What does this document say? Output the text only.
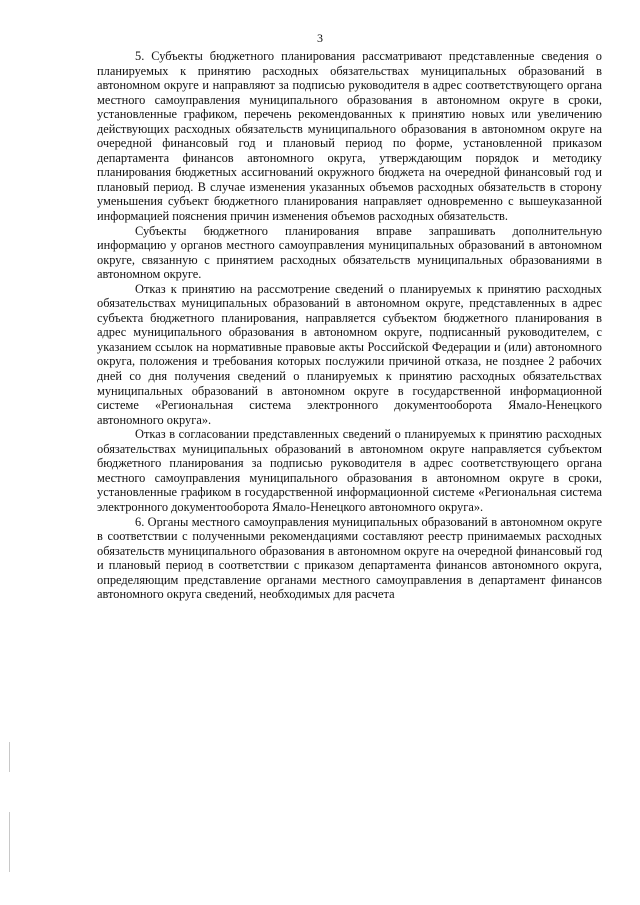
3

5. Субъекты бюджетного планирования рассматривают представленные сведения о планируемых к принятию расходных обязательствах муниципальных образований в автономном округе и направляют за подписью руководителя в адрес соответствующего органа местного самоуправления муниципального образования в автономном округе в сроки, установленные графиком, перечень рекомендованных к принятию новых или увеличению действующих расходных обязательств муниципального образования в автономном округе на очередной финансовый год и плановый период по форме, установленной приказом департамента финансов автономного округа, утверждающим порядок и методику планирования бюджетных ассигнований окружного бюджета на очередной финансовый год и плановый период. В случае изменения указанных объемов расходных обязательств в сторону уменьшения субъект бюджетного планирования направляет одновременно с вышеуказанной информацией пояснения причин изменения объемов расходных обязательств.

Субъекты бюджетного планирования вправе запрашивать дополнительную информацию у органов местного самоуправления муниципальных образований в автономном округе, связанную с принятием расходных обязательств муниципальных образованиями в автономном округе.

Отказ к принятию на рассмотрение сведений о планируемых к принятию расходных обязательствах муниципальных образований в автономном округе, представленных в адрес субъекта бюджетного планирования, направляется субъектом бюджетного планирования в адрес муниципального образования в автономном округе, подписанный руководителем, с указанием ссылок на нормативные правовые акты Российской Федерации и (или) автономного округа, положения и требования которых послужили причиной отказа, не позднее 2 рабочих дней со дня получения сведений о планируемых к принятию расходных обязательствах муниципальных образований в автономном округе в государственной информационной системе «Региональная система электронного документооборота Ямало-Ненецкого автономного округа».

Отказ в согласовании представленных сведений о планируемых к принятию расходных обязательствах муниципальных образований в автономном округе направляется субъектом бюджетного планирования за подписью руководителя в адрес соответствующего органа местного самоуправления муниципального образования в автономном округе в сроки, установленные графиком в государственной информационной системе «Региональная система электронного документооборота Ямало-Ненецкого автономного округа».

6. Органы местного самоуправления муниципальных образований в автономном округе в соответствии с полученными рекомендациями составляют реестр принимаемых расходных обязательств муниципального образования в автономном округе на очередной финансовый год и плановый период в соответствии с приказом департамента финансов автономного округа, определяющим представление органами местного самоуправления в департамент финансов автономного округа сведений, необходимых для расчета
